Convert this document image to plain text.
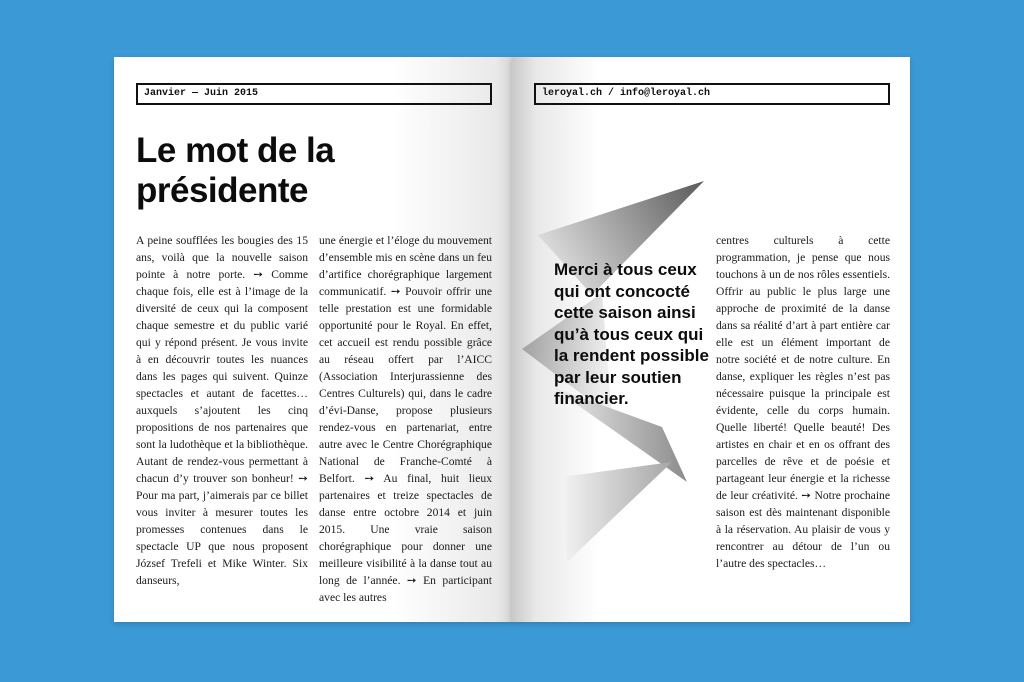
Janvier — Juin 2015
Le mot de la présidente
A peine soufflées les bougies des 15 ans, voilà que la nouvelle saison pointe à notre porte. ➙ Comme chaque fois, elle est à l’image de la diversité de ceux qui la composent chaque semestre et du public varié qui y répond présent. Je vous invite à en découvrir toutes les nuances dans les pages qui suivent. Quinze spectacles et autant de facettes… auxquels s’ajoutent les cinq propositions de nos partenaires que sont la ludothèque et la bibliothèque. Autant de rendez-vous permettant à chacun d’y trouver son bonheur! ➙ Pour ma part, j’aimerais par ce billet vous inviter à mesurer toutes les promesses contenues dans le spectacle UP que nous proposent József Trefeli et Mike Winter. Six danseurs,
une énergie et l’éloge du mouvement d’ensemble mis en scène dans un feu d’artifice chorégraphique largement communicatif. ➙ Pouvoir offrir une telle prestation est une formidable opportunité pour le Royal. En effet, cet accueil est rendu possible grâce au réseau offert par l’AICC (Association Interjurassienne des Centres Culturels) qui, dans le cadre d’évi-Danse, propose plusieurs rendez-vous en partenariat, entre autre avec le Centre Chorégraphique National de Franche-Comté à Belfort. ➙ Au final, huit lieux partenaires et treize spectacles de danse entre octobre 2014 et juin 2015. Une vraie saison chorégraphique pour donner une meilleure visibilité à la danse tout au long de l’année. ➙ En participant avec les autres
leroyal.ch / info@leroyal.ch

Merci à tous ceux qui ont concocté cette saison ainsi qu’à tous ceux qui la rendent possible par leur soutien financier.

centres culturels à cette programmation, je pense que nous touchons à un de nos rôles essentiels. Offrir au public le plus large une approche de proximité de la danse dans sa réalité d’art à part entière car elle est un élément important de notre société et de notre culture. En danse, expliquer les règles n’est pas nécessaire puisque la principale est évidente, celle du corps humain. Quelle liberté! Quelle beauté! Des artistes en chair et en os offrant des parcelles de rêve et de poésie et partageant leur énergie et la richesse de leur créativité. ➙ Notre prochaine saison est dès maintenant disponible à la réservation. Au plaisir de vous y rencontrer au détour de l’un ou l’autre des spectacles…
